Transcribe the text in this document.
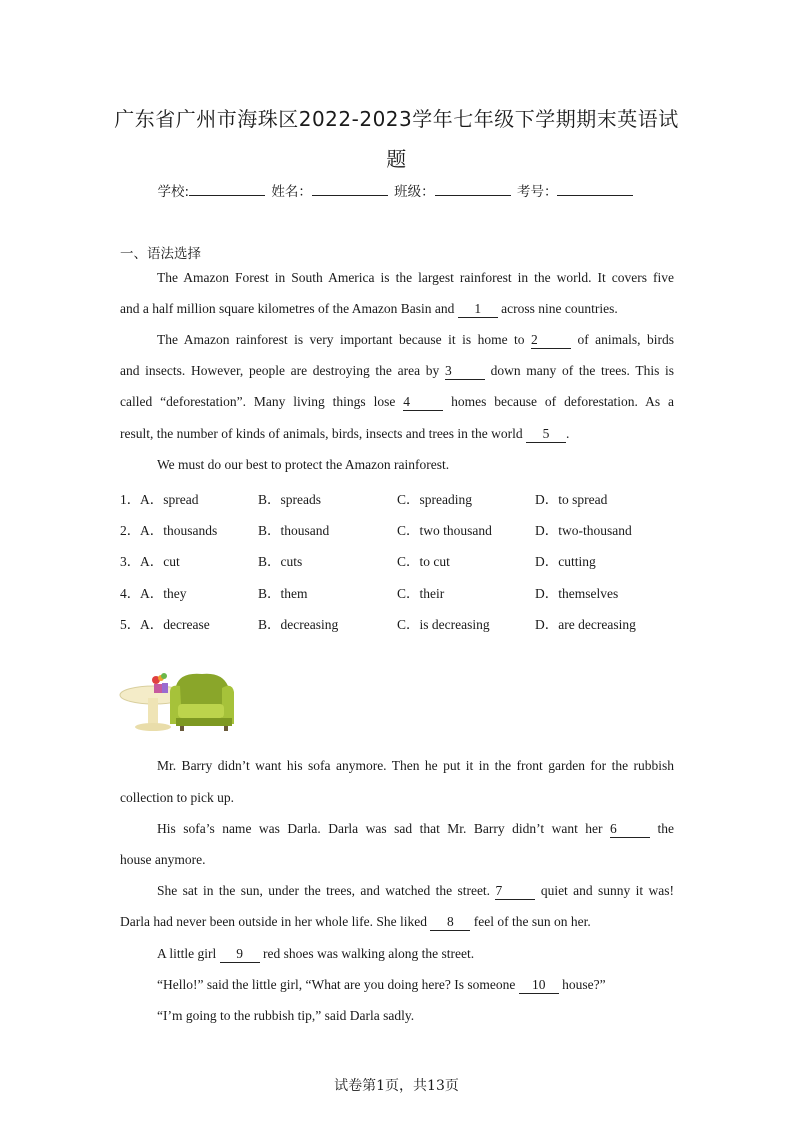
广东省广州市海珠区2022-2023学年七年级下学期期末英语试
题
学校:	姓名：	班级：	考号：
一、语法选择
The Amazon Forest in South America is the largest rainforest in the world. It covers five
and a half million square kilometres of the Amazon Basin and 1 across nine countries.
The Amazon rainforest is very important because it is home to 2	of animals, birds
and insects. However, people are destroying the area by 3	down many of the trees. This is
called “deforestation”. Many living things lose 4	homes because of deforestation. As a
result, the number of kinds of animals, birds, insects and trees in the world 5 .
We must do our best to protect the Amazon rainforest.
1． A．spread	B．spreads	C．spreading	D．to spread
2． A．thousands	B．thousand	C．two thousand	D．two-thousand
3． A．cut	B．cuts	C．to cut	D．cutting
4． A．they	B．them	C．their	D．themselves
5． A．decrease	B．decreasing	C．is decreasing	D．are decreasing
Mr. Barry didn’t want his sofa anymore. Then he put it in the front garden for the rubbish
collection to pick up.
His sofa’s name was Darla. Darla was sad that Mr. Barry didn’t want her 6	the
house anymore.
She sat in the sun, under the trees, and watched the street. 7	quiet and sunny it was!
Darla had never been outside in her whole life. She liked 8 feel of the sun on her.
A little girl 9 red shoes was walking along the street.
“Hello!” said the little girl, “What are you doing here? Is someone 10 house?”
“I’m going to the rubbish tip,” said Darla sadly.
试卷第1页，共13页
